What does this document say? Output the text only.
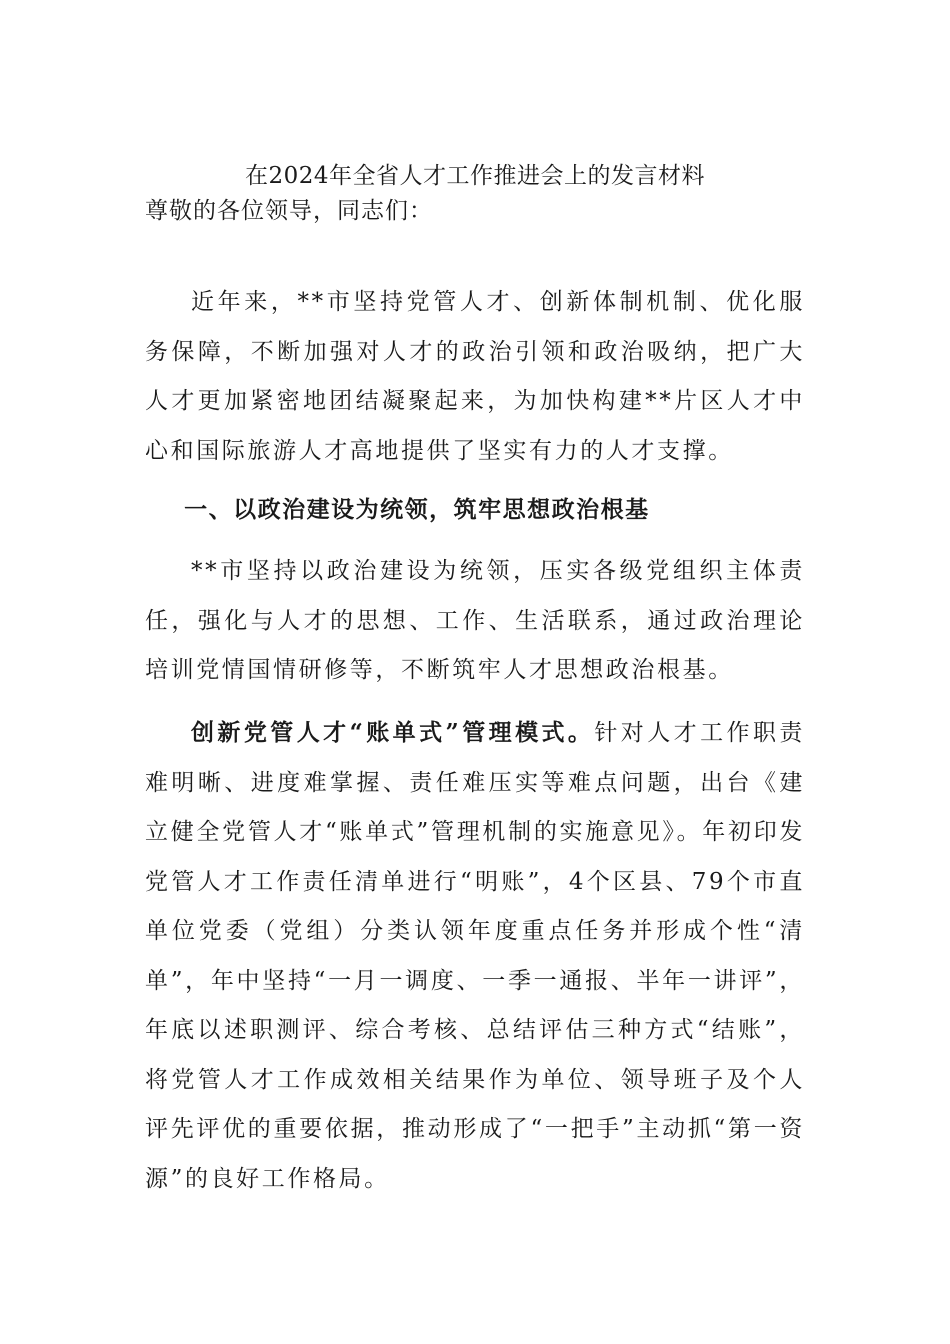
在2024年全省人才工作推进会上的发言材料
尊敬的各位领导，同志们：

近年来，**市坚持党管人才、创新体制机制、优化服务保障，不断加强对人才的政治引领和政治吸纳，把广大人才更加紧密地团结凝聚起来，为加快构建**片区人才中心和国际旅游人才高地提供了坚实有力的人才支撑。

一、以政治建设为统领，筑牢思想政治根基

**市坚持以政治建设为统领，压实各级党组织主体责任，强化与人才的思想、工作、生活联系，通过政治理论培训党情国情研修等，不断筑牢人才思想政治根基。

创新党管人才“账单式”管理模式。针对人才工作职责难明晰、进度难掌握、责任难压实等难点问题，出台《建立健全党管人才“账单式”管理机制的实施意见》。年初印发党管人才工作责任清单进行“明账”，4个区县、79个市直单位党委（党组）分类认领年度重点任务并形成个性“清单”，年中坚持“一月一调度、一季一通报、半年一讲评”，年底以述职测评、综合考核、总结评估三种方式“结账”，将党管人才工作成效相关结果作为单位、领导班子及个人评先评优的重要依据，推动形成了“一把手”主动抓“第一资源”的良好工作格局。
